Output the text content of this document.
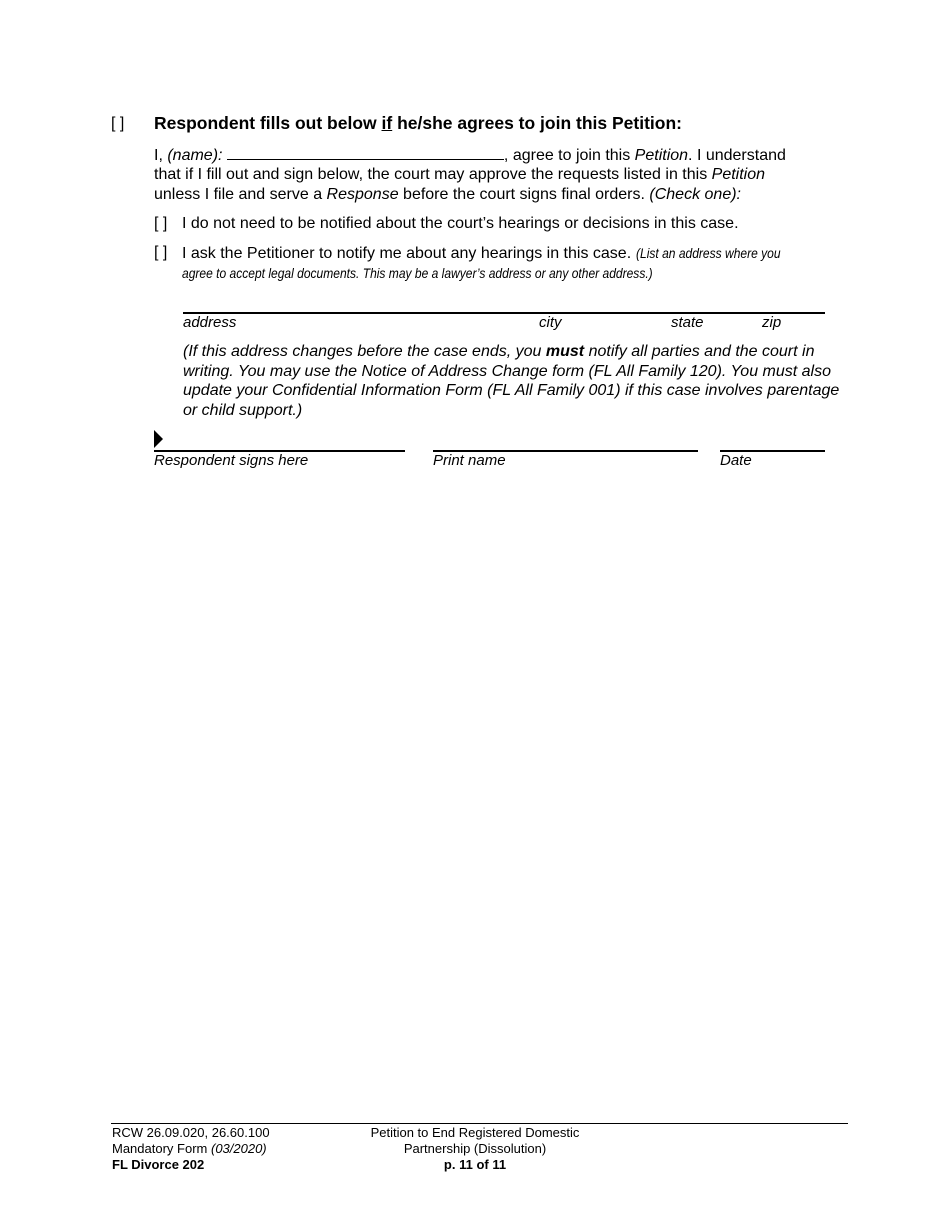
[ ] Respondent fills out below if he/she agrees to join this Petition:
I, (name):	, agree to join this Petition. I understand
that if I fill out and sign below, the court may approve the requests listed in this Petition
unless I file and serve a Response before the court signs final orders. (Check one):
[ ] I do not need to be notified about the court’s hearings or decisions in this case.
[ ] I ask the Petitioner to notify me about any hearings in this case. (List an address where you
agree to accept legal documents. This may be a lawyer’s address or any other address.)
address	city	state	zip
(If this address changes before the case ends, you must notify all parties and the court in writing. You may use the Notice of Address Change form (FL All Family 120). You must also update your Confidential Information Form (FL All Family 001) if this case involves parentage or child support.)
Respondent signs here	Print name	Date
RCW 26.09.020, 26.60.100
Mandatory Form (03/2020)
FL Divorce 202
Petition to End Registered Domestic
Partnership (Dissolution)
p. 11 of 11
